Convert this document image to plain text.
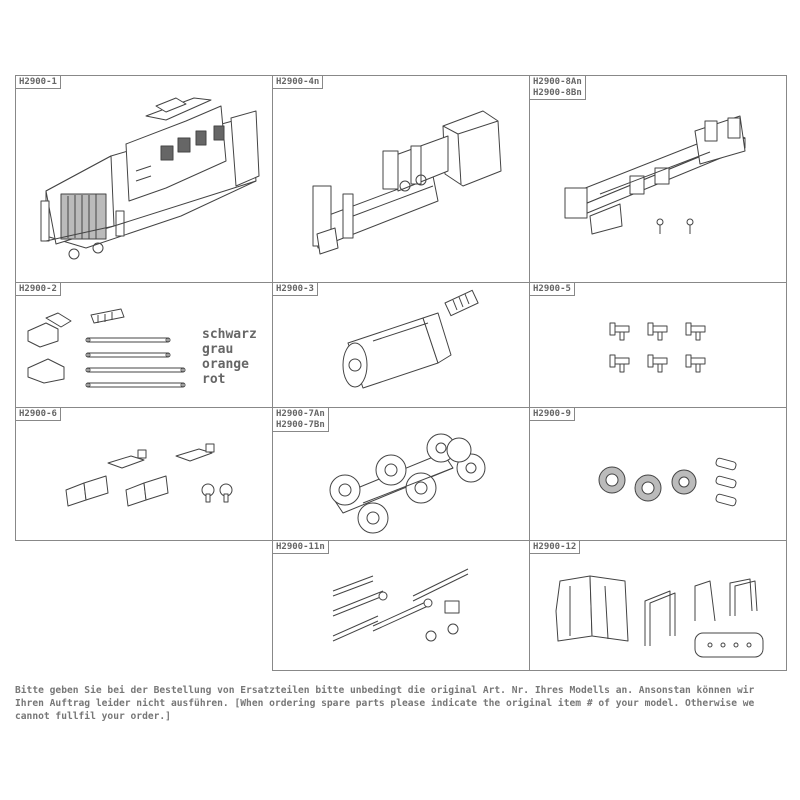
H2900-1	H2900-4n	H2900-8An
H2900-8Bn
H2900-2
schwarz
grau
orange
rot
H2900-3	H2900-5
H2900-6	H2900-7An
H2900-7Bn
H2900-9
H2900-11n	H2900-12
Bitte geben Sie bei der Bestellung von Ersatzteilen bitte unbedingt die original Art. Nr. Ihres Modells an. Ansonstan können wir Ihren Auftrag leider nicht ausführen. [When ordering spare parts please indicate the original item # of your model. Otherwise we cannot fullfil your order.]
